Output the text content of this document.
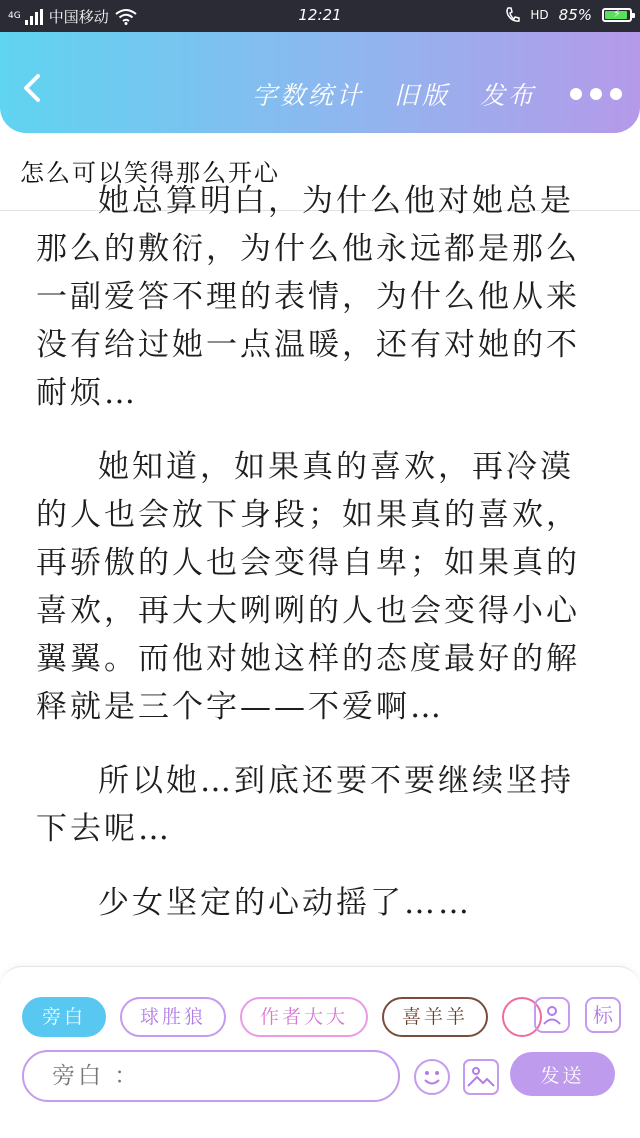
4G 中国移动	12:21	HD 85%	⚡
字数统计 旧版 发布
怎么可以笑得那么开心

她总算明白，为什么他对她总是那么的敷衍，为什么他永远都是那么一副爱答不理的表情，为什么他从来没有给过她一点温暖，还有对她的不耐烦…

她知道，如果真的喜欢，再冷漠的人也会放下身段；如果真的喜欢，再骄傲的人也会变得自卑；如果真的喜欢，再大大咧咧的人也会变得小心翼翼。而他对她这样的态度最好的解释就是三个字——不爱啊…

所以她…到底还要不要继续坚持下去呢…

少女坚定的心动摇了……

旁白	球胜狼	作者大大	喜羊羊	标
旁白 ：
发送
